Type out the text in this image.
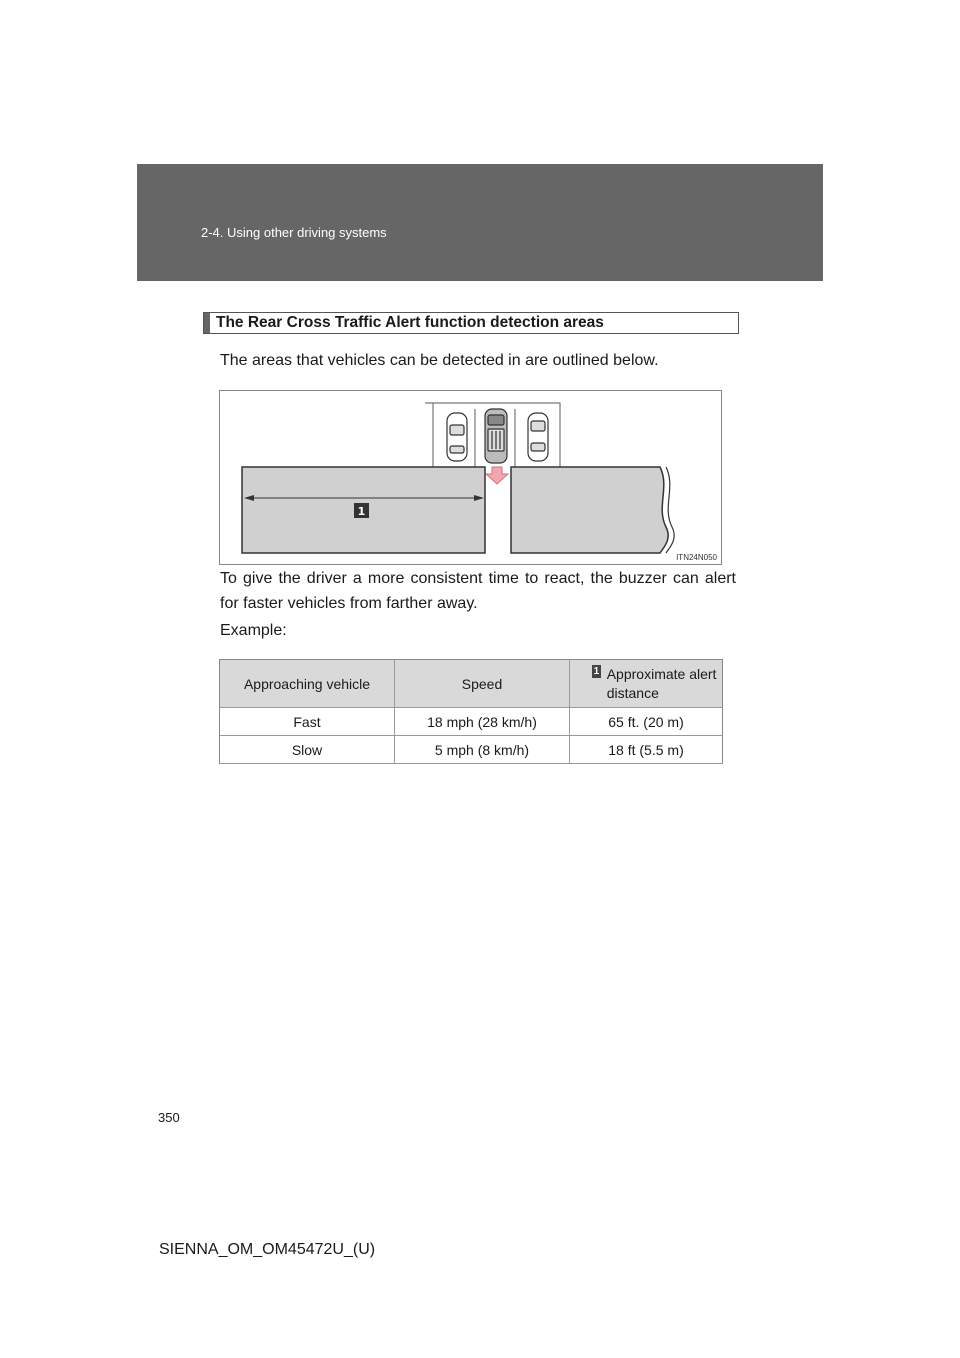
2-4. Using other driving systems
The Rear Cross Traffic Alert function detection areas
The areas that vehicles can be detected in are outlined below.
1
ITN24N050
To give the driver a more consistent time to react, the buzzer can alert for faster vehicles from farther away.
Example:
Approaching vehicle	Speed	1 Approximate alert distance

Fast	18 mph (28 km/h)	65 ft. (20 m)
Slow	5 mph (8 km/h)	18 ft (5.5 m)
350
SIENNA_OM_OM45472U_(U)
